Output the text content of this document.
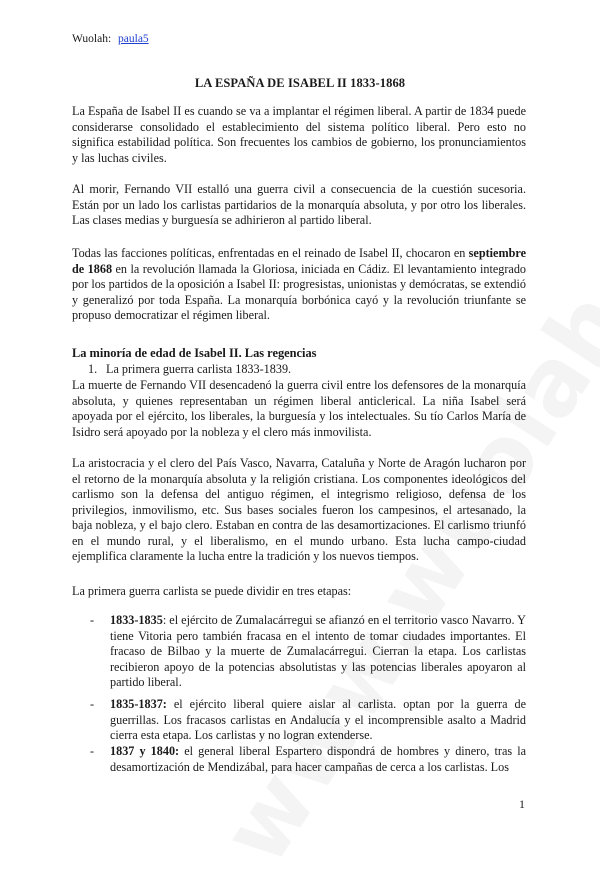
Wuolah: paula5
LA ESPAÑA DE ISABEL II 1833-1868
La España de Isabel II es cuando se va a implantar el régimen liberal. A partir de 1834 puede considerarse consolidado el establecimiento del sistema político liberal. Pero esto no significa estabilidad política. Son frecuentes los cambios de gobierno, los pronunciamientos y las luchas civiles.
Al morir, Fernando VII estalló una guerra civil a consecuencia de la cuestión sucesoria. Están por un lado los carlistas partidarios de la monarquía absoluta, y por otro los liberales. Las clases medias y burguesía se adhirieron al partido liberal.
Todas las facciones políticas, enfrentadas en el reinado de Isabel II, chocaron en septiembre de 1868 en la revolución llamada la Gloriosa, iniciada en Cádiz. El levantamiento integrado por los partidos de la oposición a Isabel II: progresistas, unionistas y demócratas, se extendió y generalizó por toda España. La monarquía borbónica cayó y la revolución triunfante se propuso democratizar el régimen liberal.
La minoría de edad de Isabel II. Las regencias
1. La primera guerra carlista 1833-1839.
La muerte de Fernando VII desencadenó la guerra civil entre los defensores de la monarquía absoluta, y quienes representaban un régimen liberal anticlerical. La niña Isabel será apoyada por el ejército, los liberales, la burguesía y los intelectuales. Su tío Carlos María de Isidro será apoyado por la nobleza y el clero más inmovilista.
La aristocracia y el clero del País Vasco, Navarra, Cataluña y Norte de Aragón lucharon por el retorno de la monarquía absoluta y la religión cristiana. Los componentes ideológicos del carlismo son la defensa del antiguo régimen, el integrismo religioso, defensa de los privilegios, inmovilismo, etc. Sus bases sociales fueron los campesinos, el artesanado, la baja nobleza, y el bajo clero. Estaban en contra de las desamortizaciones. El carlismo triunfó en el mundo rural, y el liberalismo, en el mundo urbano. Esta lucha campo-ciudad ejemplifica claramente la lucha entre la tradición y los nuevos tiempos.
La primera guerra carlista se puede dividir en tres etapas:
- 1833-1835: el ejército de Zumalacárregui se afianzó en el territorio vasco Navarro. Y tiene Vitoria pero también fracasa en el intento de tomar ciudades importantes. El fracaso de Bilbao y la muerte de Zumalacárregui. Cierran la etapa. Los carlistas recibieron apoyo de la potencias absolutistas y las potencias liberales apoyaron al partido liberal.
- 1835-1837: el ejército liberal quiere aislar al carlista. optan por la guerra de guerrillas. Los fracasos carlistas en Andalucía y el incomprensible asalto a Madrid cierra esta etapa. Los carlistas y no logran extenderse.
- 1837 y 1840: el general liberal Espartero dispondrá de hombres y dinero, tras la desamortización de Mendizábal, para hacer campañas de cerca a los carlistas. Los
1
